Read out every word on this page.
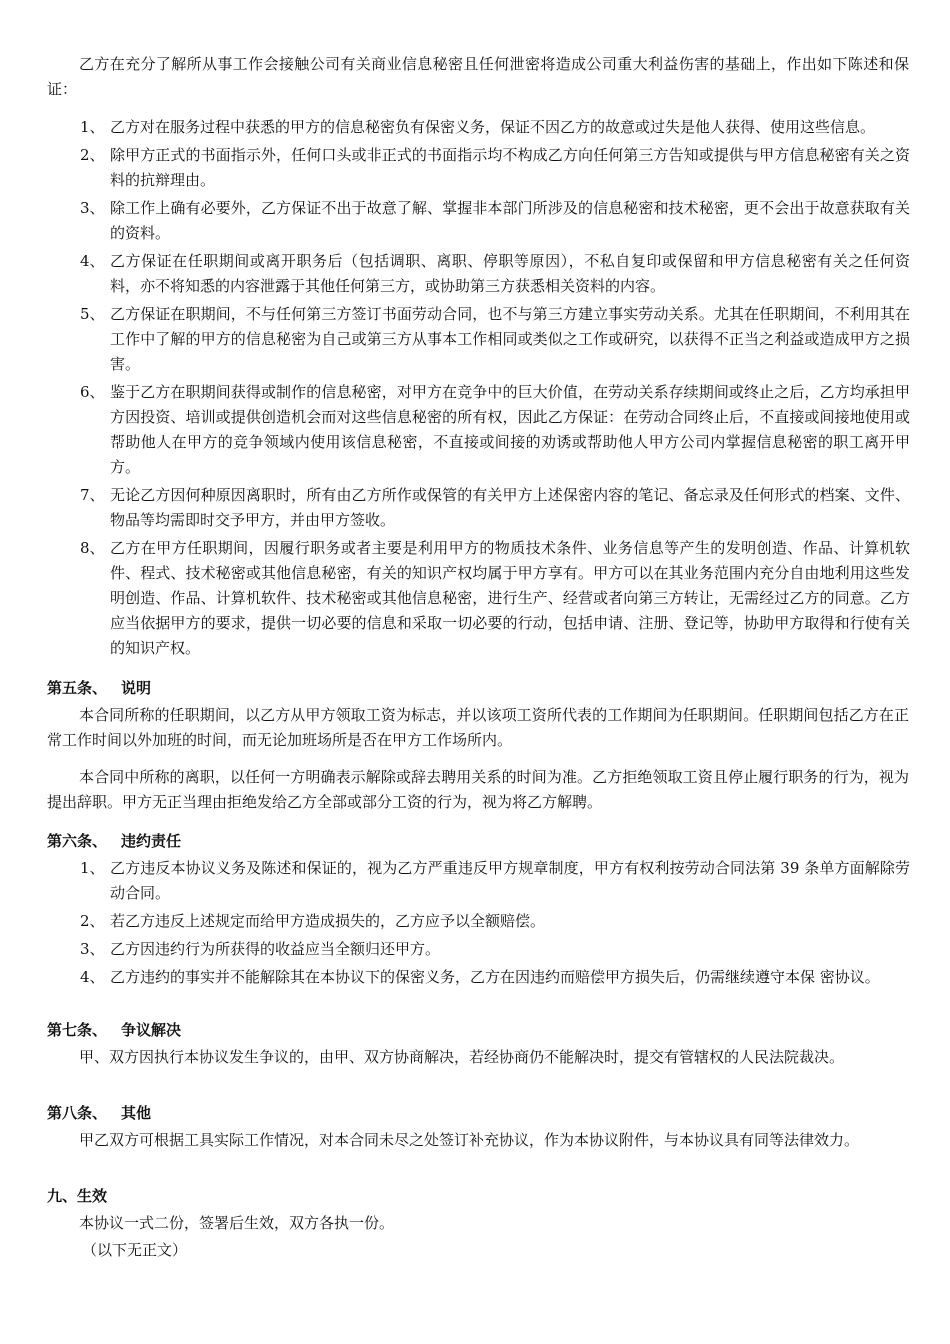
乙方在充分了解所从事工作会接触公司有关商业信息秘密且任何泄密将造成公司重大利益伤害的基础上，作出如下陈述和保证：

1、 乙方对在服务过程中获悉的甲方的信息秘密负有保密义务，保证不因乙方的故意或过失是他人获得、使用这些信息。
2、 除甲方正式的书面指示外，任何口头或非正式的书面指示均不构成乙方向任何第三方告知或提供与甲方信息秘密有关之资料的抗辩理由。
3、 除工作上确有必要外，乙方保证不出于故意了解、掌握非本部门所涉及的信息秘密和技术秘密，更不会出于故意获取有关的资料。
4、 乙方保证在任职期间或离开职务后（包括调职、离职、停职等原因），不私自复印或保留和甲方信息秘密有关之任何资料，亦不将知悉的内容泄露于其他任何第三方，或协助第三方获悉相关资料的内容。
5、 乙方保证在职期间，不与任何第三方签订书面劳动合同，也不与第三方建立事实劳动关系。尤其在任职期间，不利用其在工作中了解的甲方的信息秘密为自己或第三方从事本工作相同或类似之工作或研究，以获得不正当之利益或造成甲方之损害。
6、 鉴于乙方在职期间获得或制作的信息秘密，对甲方在竞争中的巨大价值，在劳动关系存续期间或终止之后，乙方均承担甲方因投资、培训或提供创造机会而对这些信息秘密的所有权，因此乙方保证：在劳动合同终止后，不直接或间接地使用或帮助他人在甲方的竞争领域内使用该信息秘密，不直接或间接的劝诱或帮助他人甲方公司内掌握信息秘密的职工离开甲方。
7、 无论乙方因何种原因离职时，所有由乙方所作或保管的有关甲方上述保密内容的笔记、备忘录及任何形式的档案、文件、物品等均需即时交予甲方，并由甲方签收。
8、 乙方在甲方任职期间，因履行职务或者主要是利用甲方的物质技术条件、业务信息等产生的发明创造、作品、计算机软件、程式、技术秘密或其他信息秘密，有关的知识产权均属于甲方享有。甲方可以在其业务范围内充分自由地利用这些发明创造、作品、计算机软件、技术秘密或其他信息秘密，进行生产、经营或者向第三方转让，无需经过乙方的同意。乙方应当依据甲方的要求，提供一切必要的信息和采取一切必要的行动，包括申请、注册、登记等，协助甲方取得和行使有关的知识产权。
第五条、 说明

本合同所称的任职期间，以乙方从甲方领取工资为标志，并以该项工资所代表的工作期间为任职期间。任职期间包括乙方在正常工作时间以外加班的时间，而无论加班场所是否在甲方工作场所内。

本合同中所称的离职，以任何一方明确表示解除或辞去聘用关系的时间为准。乙方拒绝领取工资且停止履行职务的行为，视为提出辞职。甲方无正当理由拒绝发给乙方全部或部分工资的行为，视为将乙方解聘。

第六条、 违约责任
1、 乙方违反本协议义务及陈述和保证的，视为乙方严重违反甲方规章制度，甲方有权利按劳动合同法第 39 条单方面解除劳动合同。
2、 若乙方违反上述规定而给甲方造成损失的，乙方应予以全额赔偿。
3、 乙方因违约行为所获得的收益应当全额归还甲方。
4、 乙方违约的事实并不能解除其在本协议下的保密义务，乙方在因违约而赔偿甲方损失后，仍需继续遵守本保 密协议。
第七条、 争议解决

甲、双方因执行本协议发生争议的，由甲、双方协商解决，若经协商仍不能解决时，提交有管辖权的人民法院裁决。

第八条、 其他

甲乙双方可根据工具实际工作情况，对本合同未尽之处签订补充协议，作为本协议附件，与本协议具有同等法律效力。

九、生效

本协议一式二份，签署后生效，双方各执一份。

（以下无正文）
